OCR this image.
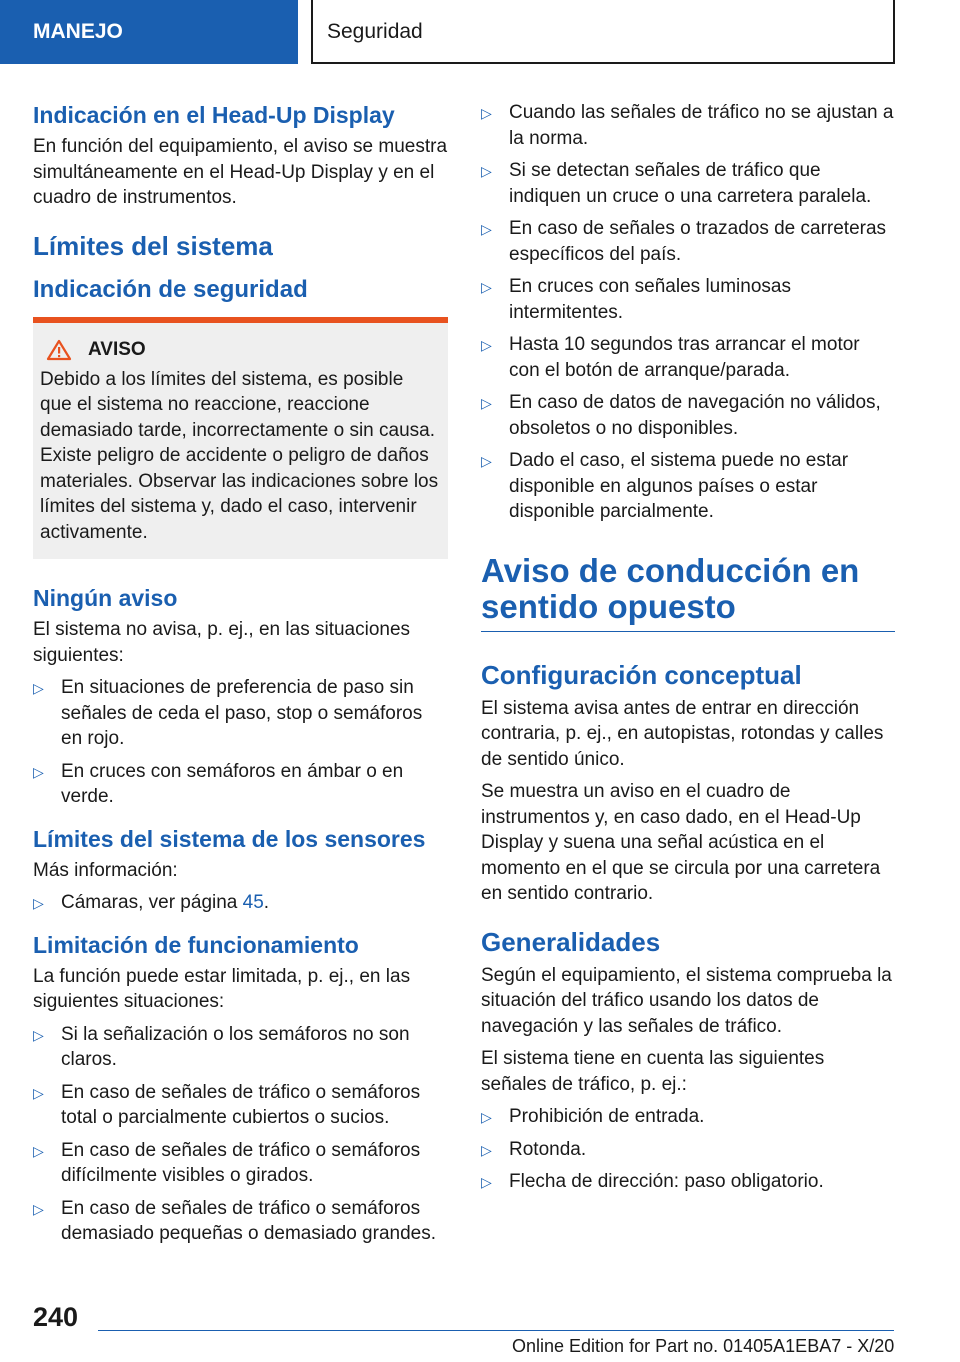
MANEJO	Seguridad
Indicación en el Head-Up Display

En función del equipamiento, el aviso se muestra simultáneamente en el Head-Up Display y en el cuadro de instrumentos.

Límites del sistema
Indicación de seguridad
AVISO

Debido a los límites del sistema, es posible que el sistema no reaccione, reaccione demasiado tarde, incorrectamente o sin causa. Existe peligro de accidente o peligro de daños materiales. Observar las indicaciones sobre los límites del sistema y, dado el caso, intervenir activamente.

Ningún aviso

El sistema no avisa, p. ej., en las situaciones siguientes:

▷ En situaciones de preferencia de paso sin señales de ceda el paso, stop o semáforos en rojo.
▷ En cruces con semáforos en ámbar o en verde.
Límites del sistema de los sensores

Más información:

▷ Cámaras, ver página 45.
Limitación de funcionamiento

La función puede estar limitada, p. ej., en las siguientes situaciones:

▷ Si la señalización o los semáforos no son claros.
▷ En caso de señales de tráfico o semáforos total o parcialmente cubiertos o sucios.
▷ En caso de señales de tráfico o semáforos difícilmente visibles o girados.
▷ En caso de señales de tráfico o semáforos demasiado pequeñas o demasiado grandes.
▷ Cuando las señales de tráfico no se ajustan a la norma.
▷ Si se detectan señales de tráfico que indiquen un cruce o una carretera paralela.
▷ En caso de señales o trazados de carreteras específicos del país.
▷ En cruces con señales luminosas intermitentes.
▷ Hasta 10 segundos tras arrancar el motor con el botón de arranque/parada.
▷ En caso de datos de navegación no válidos, obsoletos o no disponibles.
▷ Dado el caso, el sistema puede no estar disponible en algunos países o estar disponible parcialmente.
Aviso de conducción en sentido opuesto
Configuración conceptual

El sistema avisa antes de entrar en dirección contraria, p. ej., en autopistas, rotondas y calles de sentido único.

Se muestra un aviso en el cuadro de instrumentos y, en caso dado, en el Head-Up Display y suena una señal acústica en el momento en el que se circula por una carretera en sentido contrario.

Generalidades

Según el equipamiento, el sistema comprueba la situación del tráfico usando los datos de navegación y las señales de tráfico.

El sistema tiene en cuenta las siguientes señales de tráfico, p. ej.:

▷ Prohibición de entrada.
▷ Rotonda.
▷ Flecha de dirección: paso obligatorio.
240
Online Edition for Part no. 01405A1EBA7 - X/20
